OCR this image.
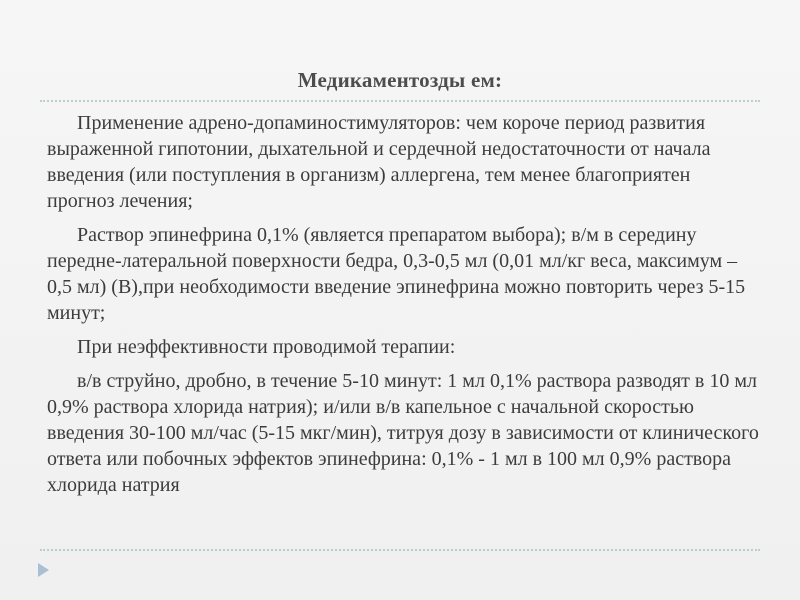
Медикаментозды ем:

Применение адрено-допаминостимуляторов: чем короче период развития выраженной гипотонии, дыхательной и сердечной недостаточности от начала введения (или поступления в организм) аллергена, тем менее благоприятен прогноз лечения;

Раствор эпинефрина 0,1% (является препаратом выбора); в/м в середину передне-латеральной поверхности бедра, 0,3-0,5 мл (0,01 мл/кг веса, максимум – 0,5 мл) (В),при необходимости введение эпинефрина можно повторить через 5-15 минут;

При неэффективности проводимой терапии:

в/в струйно, дробно, в течение 5-10 минут: 1 мл 0,1% раствора разводят в 10 мл 0,9% раствора хлорида натрия); и/или в/в капельное с начальной скоростью введения 30-100 мл/час (5-15 мкг/мин), титруя дозу в зависимости от клинического ответа или побочных эффектов эпинефрина: 0,1% - 1 мл в 100 мл 0,9% раствора хлорида натрия
